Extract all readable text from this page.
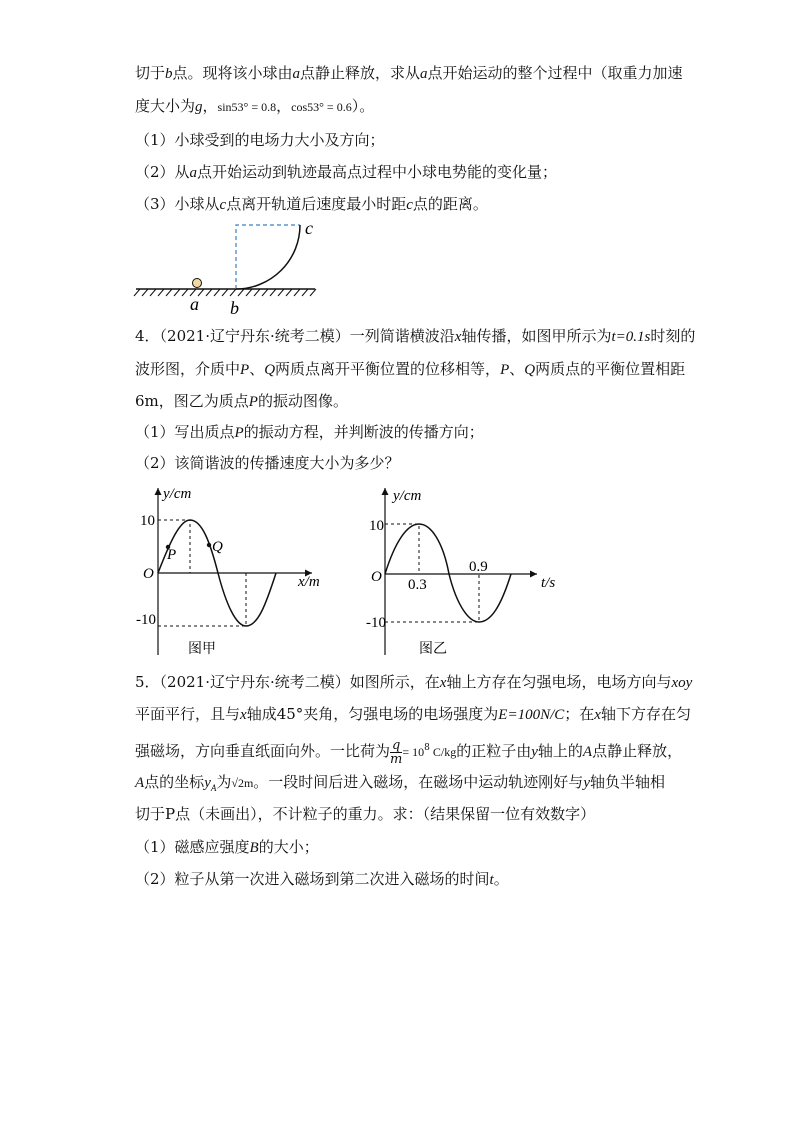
切于b点。现将该小球由a点静止释放，求从a点开始运动的整个过程中（取重力加速
度大小为g，sin53° = 0.8，cos53° = 0.6）。
（1）小球受到的电场力大小及方向；
（2）从a点开始运动到轨迹最高点过程中小球电势能的变化量；
（3）小球从c点离开轨道后速度最小时距c点的距离。
a b
c
4．（2021·辽宁丹东·统考二模）一列简谐横波沿x轴传播，如图甲所示为t=0.1s时刻的
波形图，介质中P、Q两质点离开平衡位置的位移相等，P、Q两质点的平衡位置相距
6m，图乙为质点P的振动图像。
（1）写出质点P的振动方程，并判断波的传播方向；
（2）该简谐波的传播速度大小为多少？
y/cm
x/m
O
10
-10
P Q
图甲
y/cm
t/s
O
10
-10
0.3
0.9
图乙
5．（2021·辽宁丹东·统考二模）如图所示，在x轴上方存在匀强电场，电场方向与xoy
平面平行，且与x轴成45°夹角，匀强电场的电场强度为E=100N/C；在x轴下方存在匀
强磁场，方向垂直纸面向外。一比荷为 $\frac{q}{m} = 10^8$ C/kg的正粒子由y轴上的A点静止释放，
A点的坐标$y_A$为√2m。一段时间后进入磁场，在磁场中运动轨迹刚好与y轴负半轴相
切于P点（未画出），不计粒子的重力。求：（结果保留一位有效数字）
（1）磁感应强度B的大小；
（2）粒子从第一次进入磁场到第二次进入磁场的时间t。
